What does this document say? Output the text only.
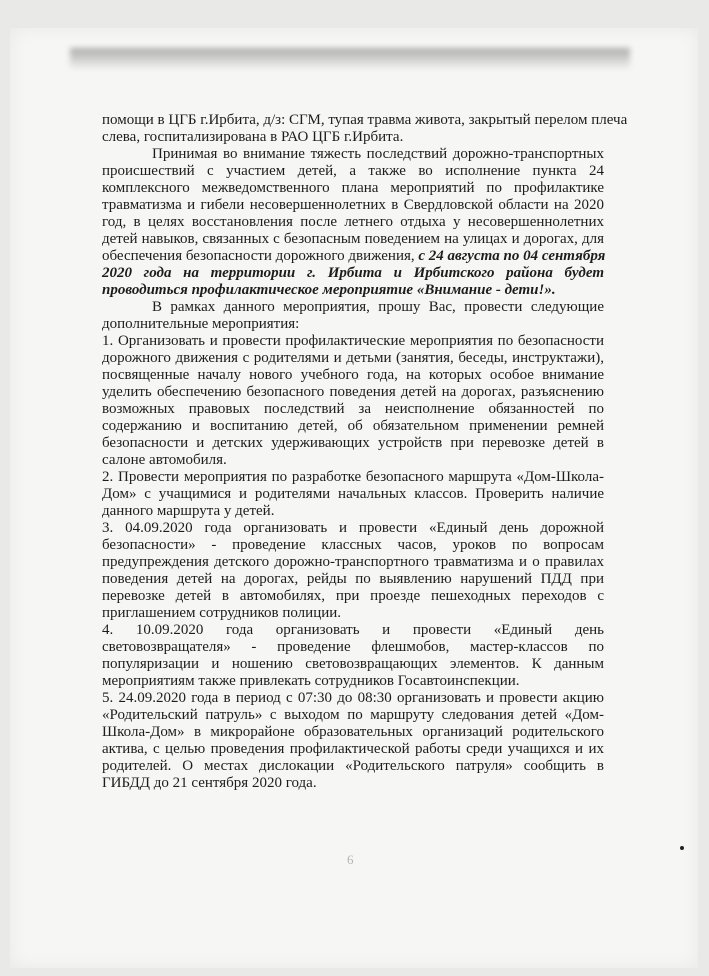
помощи в ЦГБ г.Ирбита, д/з: СГМ, тупая травма живота, закрытый перелом плеча
слева, госпитализирована в РАО ЦГБ г.Ирбита.
Принимая во внимание тяжесть последствий дорожно-транспортных
происшествий с участием детей, а также во исполнение пункта 24
комплексного межведомственного плана мероприятий по профилактике
травматизма и гибели несовершеннолетних в Свердловской области на 2020
год, в целях восстановления после летнего отдыха у несовершеннолетних
детей навыков, связанных с безопасным поведением на улицах и дорогах, для
обеспечения безопасности дорожного движения, с 24 августа по 04 сентября
2020 года на территории г. Ирбита и Ирбитского района будет
проводиться профилактическое мероприятие «Внимание - дети!».
В рамках данного мероприятия, прошу Вас, провести следующие
дополнительные мероприятия:
1. Организовать и провести профилактические мероприятия по безопасности
дорожного движения с родителями и детьми (занятия, беседы, инструктажи),
посвященные началу нового учебного года, на которых особое внимание
уделить обеспечению безопасного поведения детей на дорогах, разъяснению
возможных правовых последствий за неисполнение обязанностей по
содержанию и воспитанию детей, об обязательном применении ремней
безопасности и детских удерживающих устройств при перевозке детей в
салоне автомобиля.
2. Провести мероприятия по разработке безопасного маршрута «Дом-Школа-
Дом» с учащимися и родителями начальных классов. Проверить наличие
данного маршрута у детей.
3. 04.09.2020 года организовать и провести «Единый день дорожной
безопасности» - проведение классных часов, уроков по вопросам
предупреждения детского дорожно-транспортного травматизма и о правилах
поведения детей на дорогах, рейды по выявлению нарушений ПДД при
перевозке детей в автомобилях, при проезде пешеходных переходов с
приглашением сотрудников полиции.
4. 10.09.2020 года организовать и провести «Единый день
световозвращателя» - проведение флешмобов, мастер-классов по
популяризации и ношению световозвращающих элементов. К данным
мероприятиям также привлекать сотрудников Госавтоинспекции.
5. 24.09.2020 года в период с 07:30 до 08:30 организовать и провести акцию
«Родительский патруль» с выходом по маршруту следования детей «Дом-
Школа-Дом» в микрорайоне образовательных организаций родительского
актива, с целью проведения профилактической работы среди учащихся и их
родителей. О местах дислокации «Родительского патруля» сообщить в
ГИБДД до 21 сентября 2020 года.
6
